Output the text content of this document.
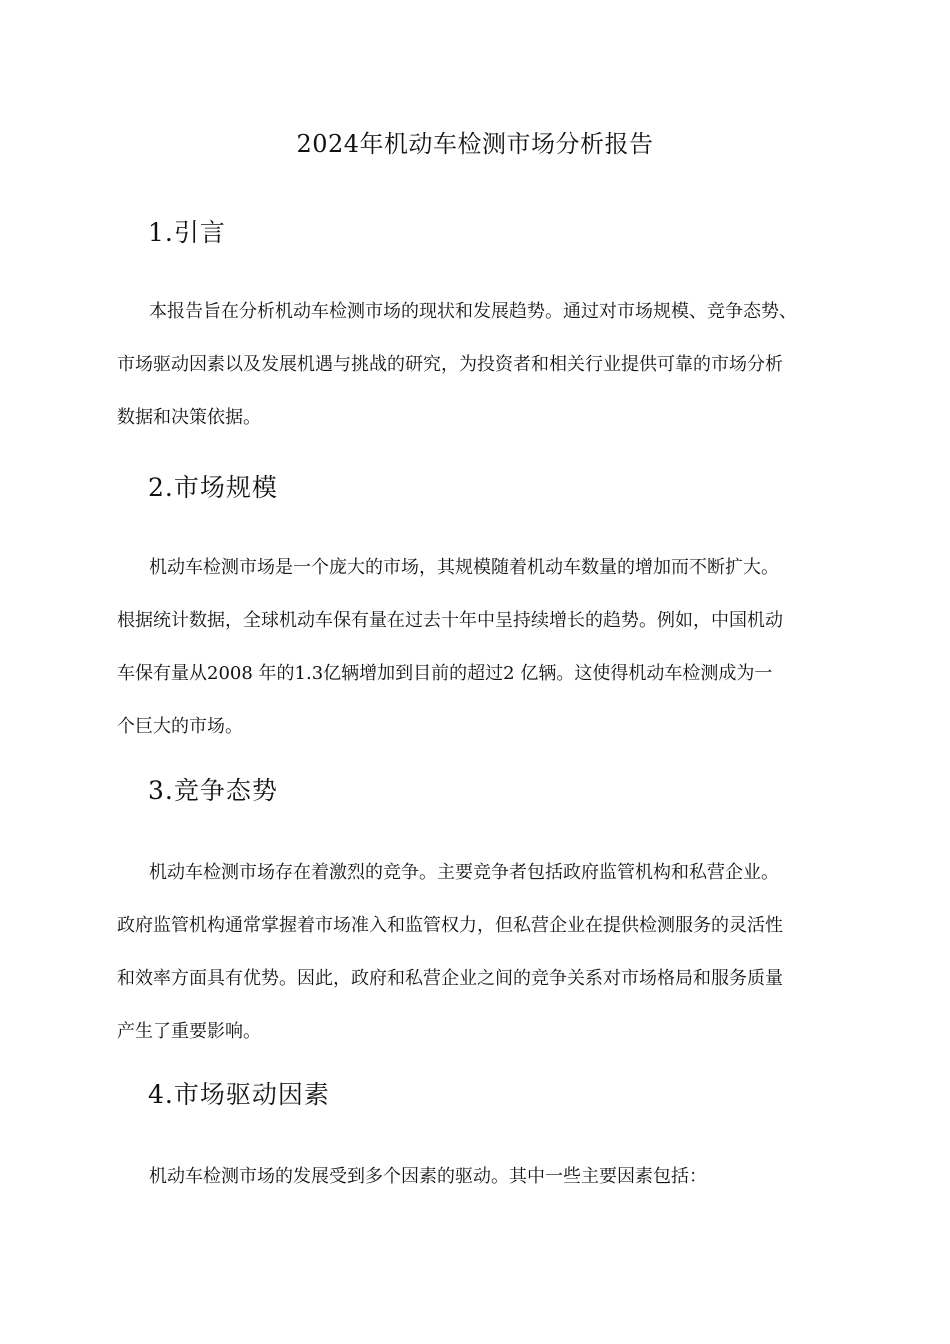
2024年机动车检测市场分析报告
1.引言
本报告旨在分析机动车检测市场的现状和发展趋势。通过对市场规模、竞争态势、
市场驱动因素以及发展机遇与挑战的研究，为投资者和相关行业提供可靠的市场分析
数据和决策依据。
2.市场规模
机动车检测市场是一个庞大的市场，其规模随着机动车数量的增加而不断扩大。
根据统计数据，全球机动车保有量在过去十年中呈持续增长的趋势。例如，中国机动
车保有量从2008 年的1.3亿辆增加到目前的超过2 亿辆。这使得机动车检测成为一
个巨大的市场。
3.竞争态势
机动车检测市场存在着激烈的竞争。主要竞争者包括政府监管机构和私营企业。
政府监管机构通常掌握着市场准入和监管权力，但私营企业在提供检测服务的灵活性
和效率方面具有优势。因此，政府和私营企业之间的竞争关系对市场格局和服务质量
产生了重要影响。
4.市场驱动因素
机动车检测市场的发展受到多个因素的驱动。其中一些主要因素包括：
